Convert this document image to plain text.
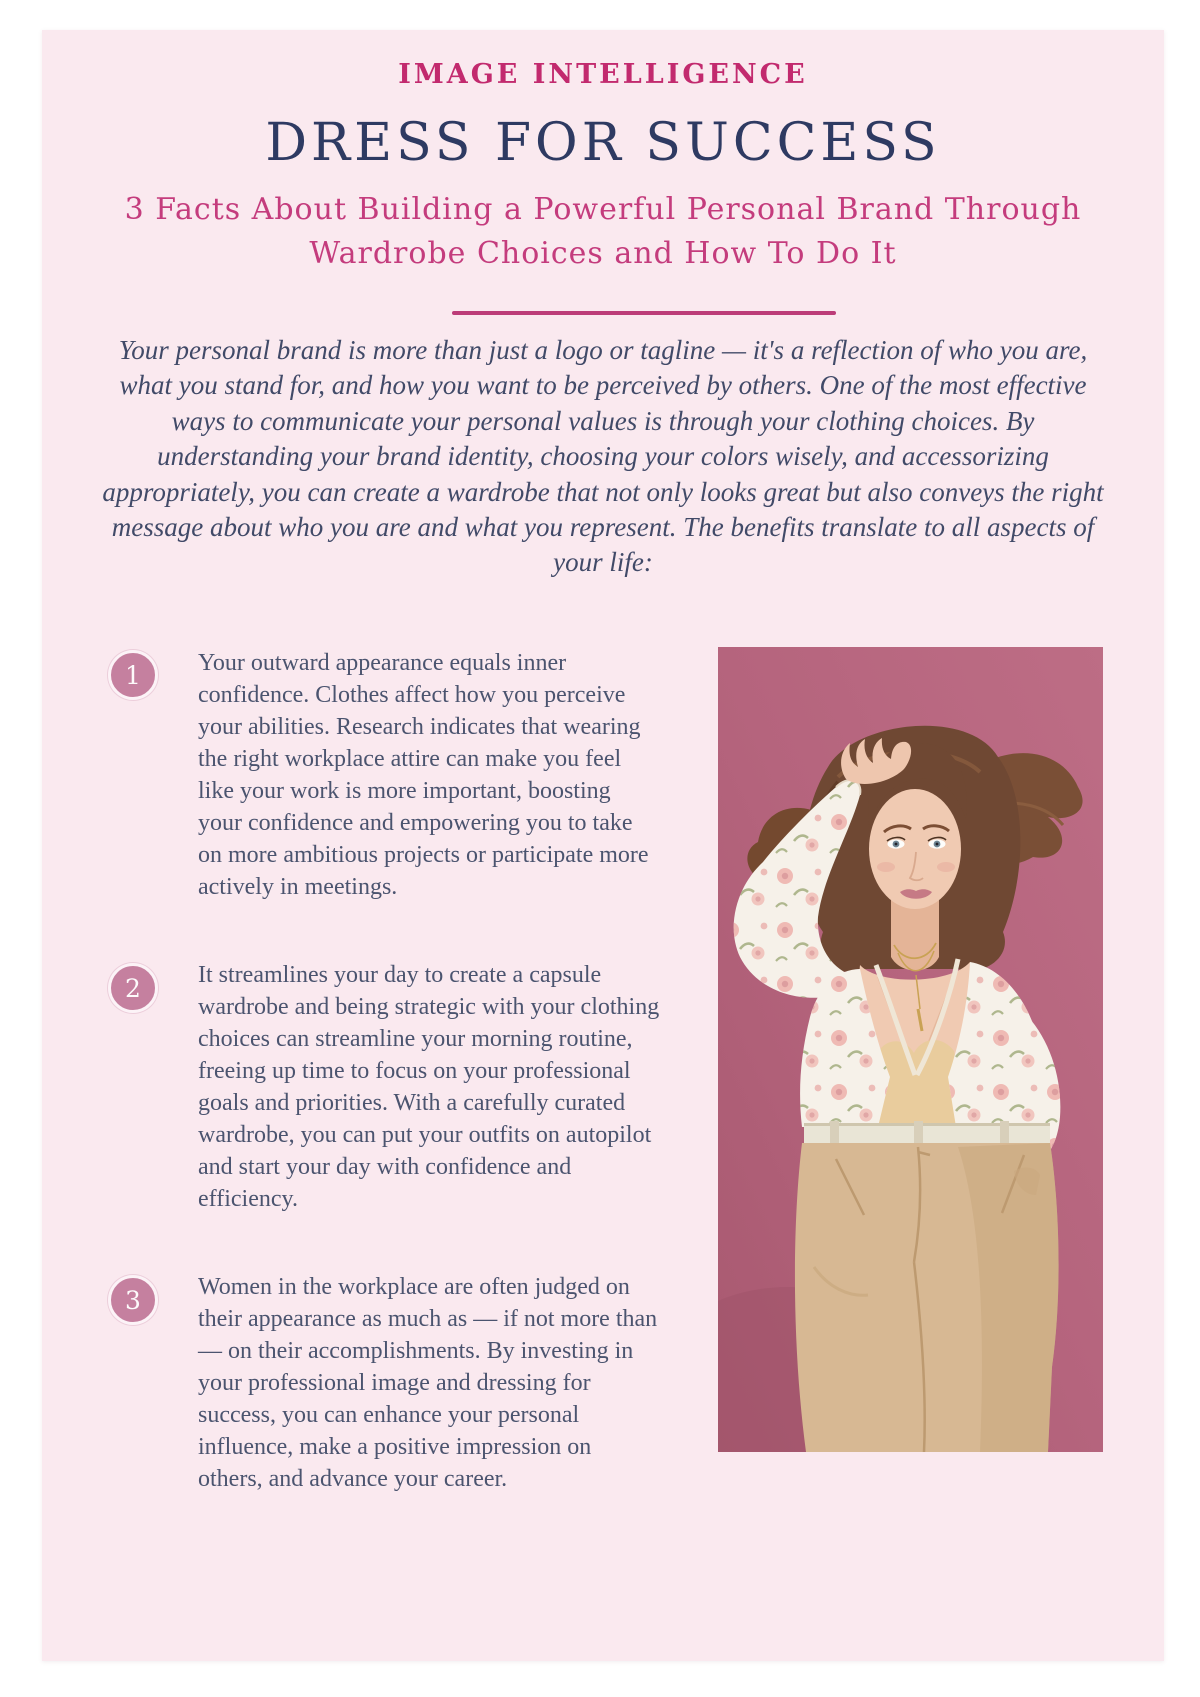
IMAGE INTELLIGENCE
DRESS FOR SUCCESS
3 Facts About Building a Powerful Personal Brand Through
Wardrobe Choices and How To Do It

Your personal brand is more than just a logo or tagline — it's a reflection of who you are, what you stand for, and how you want to be perceived by others. One of the most effective ways to communicate your personal values is through your clothing choices. By understanding your brand identity, choosing your colors wisely, and accessorizing appropriately, you can create a wardrobe that not only looks great but also conveys the right message about who you are and what you represent. The benefits translate to all aspects of your life:

1 Your outward appearance equals inner confidence. Clothes affect how you perceive your abilities. Research indicates that wearing the right workplace attire can make you feel like your work is more important, boosting your confidence and empowering you to take on more ambitious projects or participate more actively in meetings.

2 It streamlines your day to create a capsule wardrobe and being strategic with your clothing choices can streamline your morning routine, freeing up time to focus on your professional goals and priorities. With a carefully curated wardrobe, you can put your outfits on autopilot and start your day with confidence and efficiency.

3 Women in the workplace are often judged on their appearance as much as — if not more than — on their accomplishments. By investing in your professional image and dressing for success, you can enhance your personal influence, make a positive impression on others, and advance your career.
